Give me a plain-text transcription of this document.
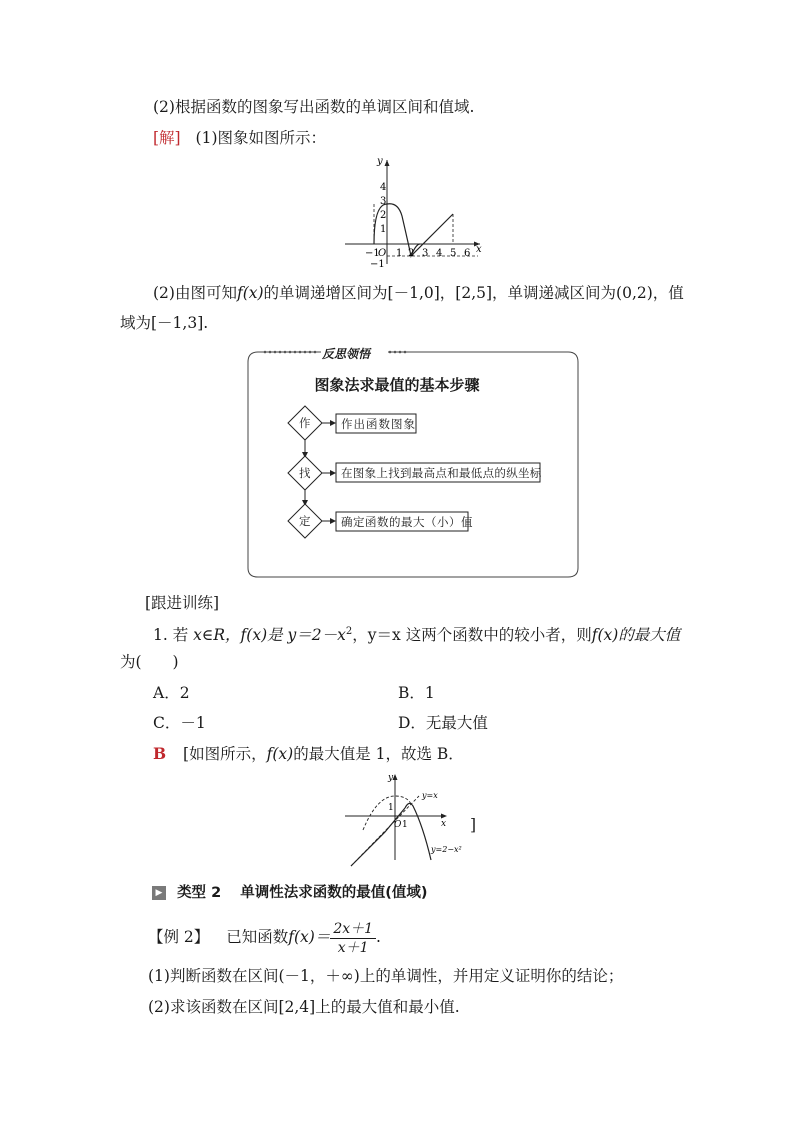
(2)根据函数的图象写出函数的单调区间和值域.
[解] (1)图象如图所示：
y
x
O
4
3
2
1
−1
−1 1 2 3 4 5 6
(2)由图可知f(x)的单调递增区间为[－1,0]，[2,5]，单调递减区间为(0,2)，值
域为[－1,3].
反思领悟
图象法求最值的基本步骤
作
找
定
作出函数图象
在图象上找到最高点和最低点的纵坐标
确定函数的最大（小）值
[跟进训练]
1. 若 x∈R，f(x)是 $y=2-x^2$，y＝x 这两个函数中的较小者，则f(x)的最大值
为(　　)
A．2	B．1
C．－1	D．无最大值
B [如图所示，f(x)的最大值是 1，故选 B．
y
x
1
O 1
y=x
y=2−x²
]
▶ 类型 2 单调性法求函数的最值(值域)
【例 2】 已知函数$f(x)= \frac{2x+1}{x+1}$ .
(1)判断函数在区间(－1，＋∞)上的单调性，并用定义证明你的结论；
(2)求该函数在区间[2,4]上的最大值和最小值.
